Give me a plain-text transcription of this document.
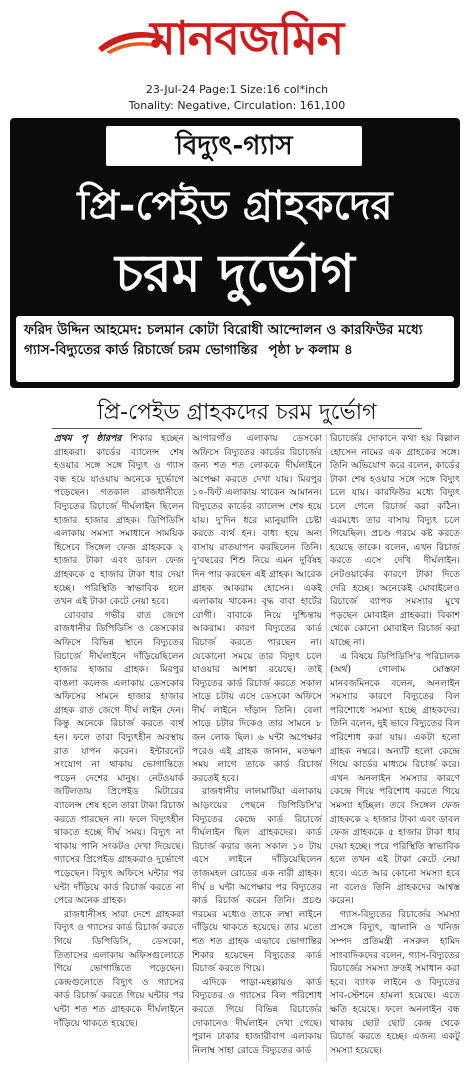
মানবজমিন
23-Jul-24 Page:1 Size:16 col*inch
Tonality: Negative, Circulation: 161,100
বিদ্যুৎ-গ্যাস
প্রি-পেইড গ্রাহকদের
চরম দুর্ভোগ
ফরিদ উদ্দিন আহমেদ: চলমান কোটা বিরোধী আন্দোলন ও কারফিউর মধ্যে গ্যাস-বিদ্যুতের কার্ড রিচার্জে চরম ভোগান্তির পৃষ্ঠা ৮ কলাম ৪
প্রি-পেইড গ্রাহকদের চরম দুর্ভোগ

প্রথম পৃ ষ্ঠারপর শিকার হচ্ছেন গ্রাহকরা। কার্ডের ব্যালেন্স শেষ হওয়ার সঙ্গে সঙ্গে বিদ্যুৎ ও গ্যাস বন্ধ হয়ে যাওয়ায় অনেকে দুর্ভোগে পড়েছেন। গতকাল রাজধানীতে বিদ্যুতের রিচার্জে দীর্ঘলাইন ছিলেন হাজার হাজার গ্রাহক। ডিপিডিসি এলাকায় সমস্যা সমাধানে সাময়িক হিসেবে সিঙ্গেল ফেজ গ্রাহককে ২ হাজার টাকা এবং ডাবল ফেজ গ্রাহককে ৫ হাজার টাকা ধার দেয়া হচ্ছে। পরিস্থিতি স্বাভাবিক হলে তখন এই টাকা কেটে নেয়া হবে।

রোববার গভীর রাত জেগে রাজধানীর ডিপিডিসি ও ডেসকোর অফিসে বিভিন্ন স্থানে বিদ্যুতের রিচার্জে দীর্ঘলাইনে দাঁড়িয়েছিলেন হাজার হাজার গ্রাহক। মিরপুর বাঙলা কলেজ এলাকায় ডেসকোর অফিসের সামনে হাজার হাজার গ্রাহক রাত জেগে দীর্ঘ লাইন দেন। কিন্তু অনেকে রিচার্জ করতে ব্যর্থ হন। ফলে তারা বিদ্যুৎহীন অবস্থায় রাত যাপন করেন। ইন্টারনেট সংযোগ না থাকায় ভোগান্তিতে পড়েন দেশের মানুষ। নেটওয়ার্ক জটিলতায় প্রিপেইড মিটারের ব্যালেন্স শেষ হলে তারা টাকা রিচার্জ করতে পারছেন না। ফলে বিদ্যুৎহীন থাকতে হচ্ছে দীর্ঘ সময়। বিদ্যুৎ না থাকায় পানি সংকটও দেখা দিয়েছে। গ্যাসের প্রিপেইড গ্রাহকরাও দুর্ভোগে পড়েছেন। বিদ্যুৎ অফিসে ঘন্টার পর ঘন্টা দাঁড়িয়ে কার্ড রিচার্জ করতে না পেরে অনেক গ্রাহক।

রাজধানীসহ সারা দেশে গ্রাহকরা বিদ্যুৎ ও গ্যাসের কার্ড রিচার্জ করতে গিয়ে ডিপিডিসি, ডেসকো, তিতাসের এলাকায় অফিসগুলোতে গিয়ে ভোগান্তিতে পড়েছেন। কেন্দ্রগুলোতে বিদ্যুৎ ও গ্যাসের কার্ড রিচার্জ করতে গিয়ে ঘন্টার পর ঘন্টা শত শত গ্রাহককে দীর্ঘলাইনে দাঁড়িয়ে থাকতে হয়েছে।

আগারগাঁও এলাকায় ডেসকো অফিসে বিদ্যুতের কার্ডের রিচার্জের জন্য শত শত লোককে দীর্ঘলাইনে অপেক্ষা করতে দেখা যায়। মিরপুর ১০-ফিট এলাকায় থাকেন আমানন। বিদ্যুতের কার্ডের ব্যালেন্স শেষ হয়ে যায়। দু'দিন ধরে ম্যানুয়ালি চেষ্টা করতে ব্যর্থ হন। বাধ্য হয়ে অন্য বাসায় রাতযাপন করছিলেন তিনি। দু'বছরের শিশু নিয়ে এমন দুর্বিষহ দিন পার করছেন এই গ্রাহক। আরেক গ্রাহক আকরাম হোসেন। একই এলাকায় থাকেন। বৃদ্ধ বাবা হার্টের রোগী। বাবাকে নিয়ে দুশ্চিন্তায় আকরাম। কারণ বিদ্যুতের কার্ড রিচার্জ করতে পারছেন না। যেকোনো সময়ে তার বিদ্যুৎ চলে যাওয়ার আশঙ্কা রয়েছে। তাই বিদ্যুতের কার্ড রিচার্জ করতে সকাল সাড়ে চটায় এসে ডেসকো অফিসে দীর্ঘ লাইনে দাঁড়ান তিনি। বেলা সাড়ে চটার দিকেও তার সামনে ৮ জন লোক ছিল। ৬ ঘন্টা অপেক্ষার পরেও এই গ্রাহক জানান, মতক্ষণ সময় লাগে তাকে কার্ড রিচার্জ করতেই হবে।

রাজধানীর লালমাটিয়া এলাকায় আড়ংয়ের পেছনে ডিপিডিসি'র বিদ্যুতের কেন্দ্রে কার্ড রিচার্জে দীর্ঘলাইন ছিল গ্রাহকদের। কার্ড রিচার্জ করার জন্য সকাল ১০ টায় এসে লাইনে দাঁড়িয়েছিলেন তাজমহল রোডের এক নারী গ্রাহক। দীর্ঘ ৪ ঘন্টা অপেক্ষার পর বিদ্যুতের কার্ড রিচার্জ করেন তিনি। প্রচণ্ড গরমের মধ্যেও তাকে লম্বা লাইনে দাঁড়িয়ে থাকতে হয়েছে। তার মতো শত শত গ্রাহক এভাবে ভোগান্তির শিকার হয়েছেন বিদ্যুতের কার্ড রিচার্জ করতে গিয়ে।

এদিকে পাড়া-মহল্লায়ও কার্ড বিদ্যুতের ও গ্যাসের বিল পরিশোধ করতে গিয়ে বিভিন্ন রিচার্জের দোকানেও দীর্ঘলাইন দেখা গেছে। পুরান ঢাকার হাজারীবাগ এলাকায় নিলাম্ব সাহা রোডে বিদ্যুতের কার্ড

রিচার্জের দোকানে কথা হয় বিল্লাল হোসেন নামের এক গ্রাহকের সঙ্গে। তিনি অভিযোগ করে বলেন, কার্ডের টাকা শেষ হওয়ার সঙ্গে সঙ্গে বিদ্যুৎ চলে যায়। কারফিউর মধ্যে বিদ্যুৎ চলে গেলে রিচার্জ করা কঠিন। এরমধ্যে তার বাসায় বিদ্যুৎ চলে গিয়েছিল। প্রচণ্ড গরমে কষ্ট করতে হয়েছে তাকে। বলেন, এখন রিচার্জ করতে এসে দেখি দীর্ঘলাইন। নেটওয়ার্কের কারণে টাকা দিতে দেরি হচ্ছে। অনেকেই মোবাইলেও রিচার্জে ব্যাপক সমস্যার মুখে পড়ছেন মোবাইল গ্রাহকরা। বিকাশ থেকে কোনো মোবাইল রিচার্জ করা যাচ্ছে না।

এ বিষয়ে ডিপিডিসি'র পরিচালক (অর্থ) গোলাম মোস্তফা মানবজমিনকে বলেন, অনলাইন সমস্যার কারণে বিদ্যুতের বিল পরিশোধে সমস্যা হচ্ছে গ্রাহকদের। তিনি বলেন, দুই ভাবে বিদ্যুতের বিল পরিশোধ করা যায়। একটা হলো গ্রাহক নম্বরে। অন্যটি হলো কেন্দ্রে গিয়ে কার্ডের মাধ্যমে রিচার্জ করে। এখন অনলাইন সমস্যার কারণে কেন্দ্রে গিয়ে পরিশোধ করতে গিয়ে সমস্যা হচ্ছিল। তবে সিঙ্গেল ফেজ গ্রাহককে ২ হাজার টাকা এবং ডাবল ফেজ গ্রাহককে ৫ হাজার টাকা ধার দেয়া হচ্ছে। পরে পরিস্থিতি স্বাভাবিক হলে তখন এই টাকা কেটে নেয়া হবে। এতে আর কোনো সমস্যা হবে না বলেও তিনি গ্রাহকদের আশ্বস্ত করেন।

গ্যাস-বিদ্যুতের রিচার্জের সমস্যা প্রসঙ্গে বিদ্যুৎ, জ্বালানি ও খনিজ সম্পদ প্রতিমন্ত্রী নসরুল হামিদ সাংবাদিকদের বলেন, গ্যাস-বিদ্যুতের রিচার্জের সমস্যা দ্রুতই সমাধান করা হবে। ব্যাংক লাইনে ও বিদ্যুতের সাব-স্টেশনে হামলা হয়েছে। এতে ক্ষতি হয়েছে। ফলে অনলাইন বন্ধ থাকায় ছোট ছোট কেন্দ্র থেকে রিচার্জ করতে হচ্ছে। এজন্য একটু সমস্যা হয়েছে।
